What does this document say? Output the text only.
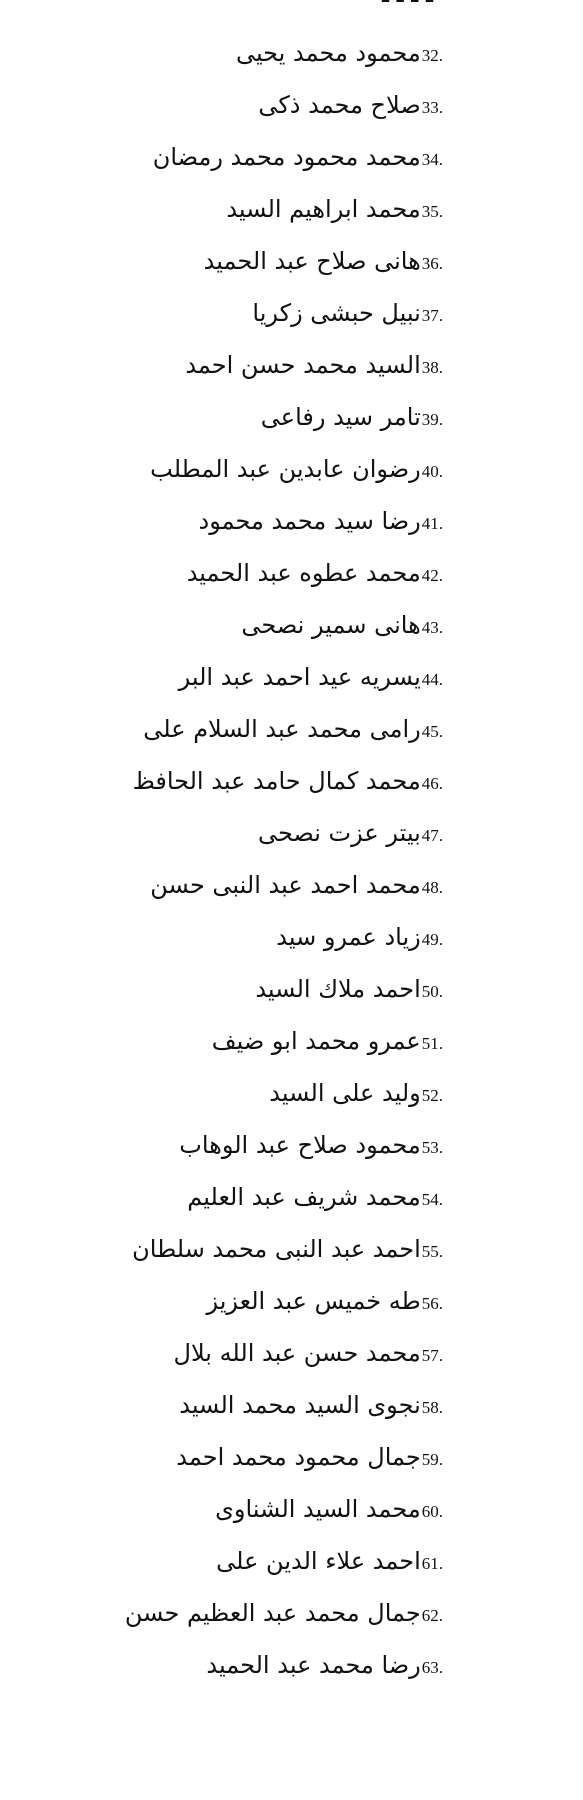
محمود محمد يحيى 32.
صلاح محمد ذكى 33.
محمد محمود محمد رمضان 34.
محمد ابراهيم السيد 35.
هانى صلاح عبد الحميد 36.
نبيل حبشى زكريا 37.
السيد محمد حسن احمد 38.
تامر سيد رفاعى 39.
رضوان عابدين عبد المطلب 40.
رضا سيد محمد محمود 41.
محمد عطوه عبد الحميد 42.
هانى سمير نصحى 43.
يسريه عيد احمد عبد البر 44.
رامى محمد عبد السلام على 45.
محمد كمال حامد عبد الحافظ 46.
بيتر عزت نصحى 47.
محمد احمد عبد النبى حسن 48.
زياد عمرو سيد 49.
احمد ملاك السيد 50.
عمرو محمد ابو ضيف 51.
وليد على السيد 52.
محمود صلاح عبد الوهاب 53.
محمد شريف عبد العليم 54.
احمد عبد النبى محمد سلطان 55.
طه خميس عبد العزيز 56.
محمد حسن عبد الله بلال 57.
نجوى السيد محمد السيد 58.
جمال محمود محمد احمد 59.
محمد السيد الشناوى 60.
احمد علاء الدين على 61.
جمال محمد عبد العظيم حسن 62.
رضا محمد عبد الحميد 63.
